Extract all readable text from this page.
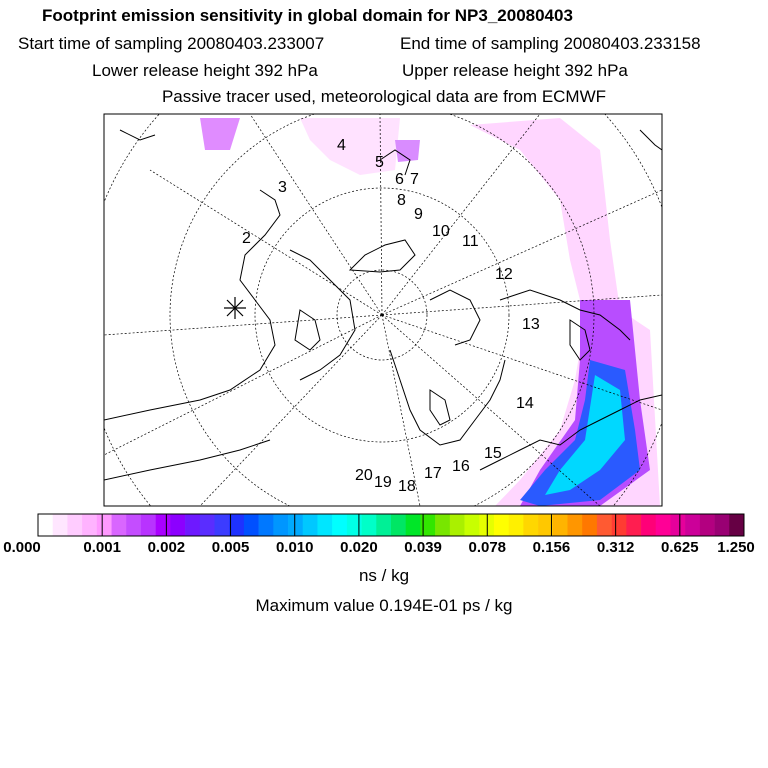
Footprint emission sensitivity in global domain for NP3_20080403
Start time of sampling 20080403.233007	End time of sampling 20080403.233158
Lower release height 392 hPa	Upper release height 392 hPa
Passive tracer used, meteorological data are from ECMWF
2
3
4
5
6 7
8
9
10
11
12
13
14
15
16
17
18
19
20
0.000	0.001 0.002 0.005 0.010 0.020 0.039 0.078 0.156 0.312 0.625 1.250
ns / kg
Maximum value 0.194E-01 ps / kg
